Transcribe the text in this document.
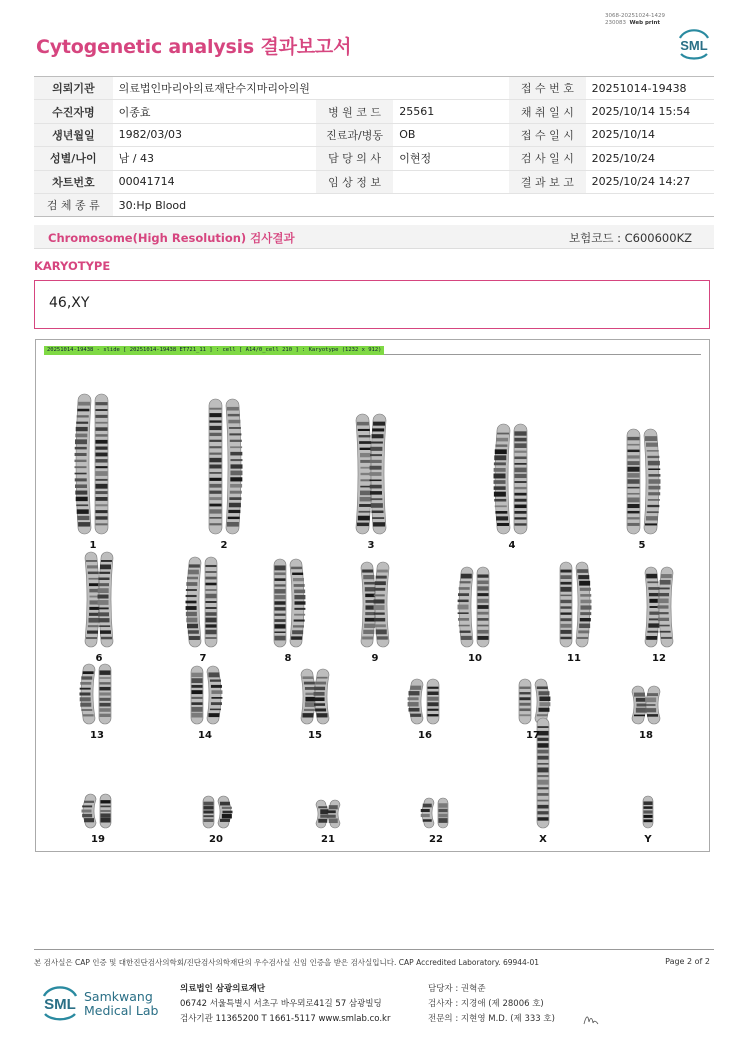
3068-20251024-1429
230083 Web print
Cytogenetic analysis 결과보고서	SML
의뢰기관	의료법인마리아의료재단수지마리아의원			접 수 번 호	20251014-19438
수진자명	이종효	병 원 코 드	25561	채 취 일 시	2025/10/14 15:54
생년월일	1982/03/03	진료과/병동	OB	접 수 일 시	2025/10/14
성별/나이	남 / 43	담 당 의 사	이현정	검 사 일 시	2025/10/24
차트번호	00041714	임 상 정 보		결 과 보 고	2025/10/24 14:27
검 체 종 류	30:Hp Blood				
Chromosome(High Resolution) 검사결과	보험코드 : C600600KZ
KARYOTYPE
46,XY
20251014-19438 - slide [ 20251014-19438 ET721_11 ] : cell [ A14/0_cell 210 ] : Karyotype (1232 x 912)
1	2	3	4	5
6	7	8	9	10	11	12
13	14	15	16	17	18
19	20	21	22	X	Y
본 검사실은 CAP 인증 및 대한진단검사의학회/진단검사의학재단의 우수검사실 신임 인증을 받은 검사실입니다. CAP Accredited Laboratory. 69944-01	Page 2 of 2
SML Samkwang
Medical Lab
의료법인 삼광의료재단
06742 서울특별시 서초구 바우뫼로41길 57 삼광빌딩
검사기관 11365200 T 1661-5117 www.smlab.co.kr
담당자 : 권혁준
검사자 : 지경애 (제 28006 호)
전문의 : 지현영 M.D. (제 333 호)
